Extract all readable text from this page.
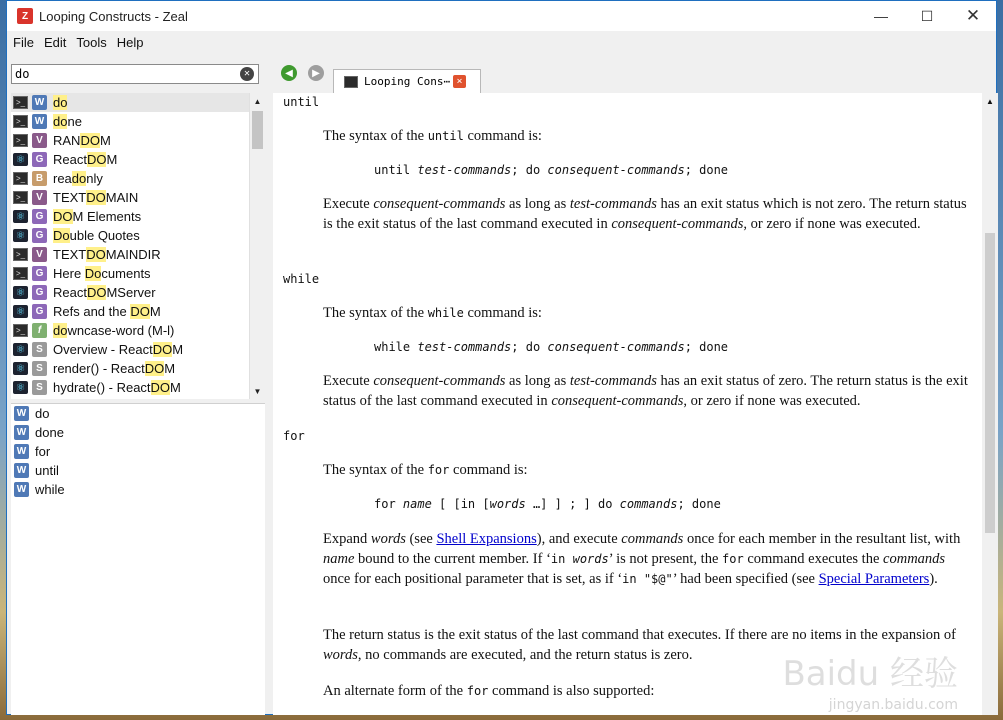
Z Looping Constructs - Zeal	—	☐	✕
File Edit Tools Help
do	✕
>_ W do
>_ W done
>_	V RANDOM
⚛	G ReactDOM
>_	B readonly
>_	V TEXTDOMAIN
⚛	G DOM Elements
⚛	G Double Quotes
>_	V TEXTDOMAINDIR
>_	G Here Documents
⚛	G ReactDOMServer
⚛	G Refs and the DOM
>_	f downcase-word (M-l)
⚛	S Overview - ReactDOM
⚛	S render() - ReactDOM
⚛	S hydrate() - ReactDOM
▲
▼
W do
W done
W for
W until
W while
◀	▶
Looping Cons⋯ ×
until
The syntax of the until command is:
until test-commands; do consequent-commands; done
Execute consequent-commands as long as test-commands has an exit status which is not zero. The return status is the exit status of the last command executed in consequent-commands, or zero if none was executed.
while
The syntax of the while command is:
while test-commands; do consequent-commands; done
Execute consequent-commands as long as test-commands has an exit status of zero. The return status is the exit status of the last command executed in consequent-commands, or zero if none was executed.
for
The syntax of the for command is:
for name [ [in [words …] ] ; ] do commands; done
Expand words (see Shell Expansions), and execute commands once for each member in the resultant list, with name bound to the current member. If ‘in words’ is not present, the for command executes the commands once for each positional parameter that is set, as if ‘in "$@"’ had been specified (see Special Parameters).
The return status is the exit status of the last command that executes. If there are no items in the expansion of words, no commands are executed, and the return status is zero.
An alternate form of the for command is also supported:	Baidu 经验
jingyan.baidu.com
▲
